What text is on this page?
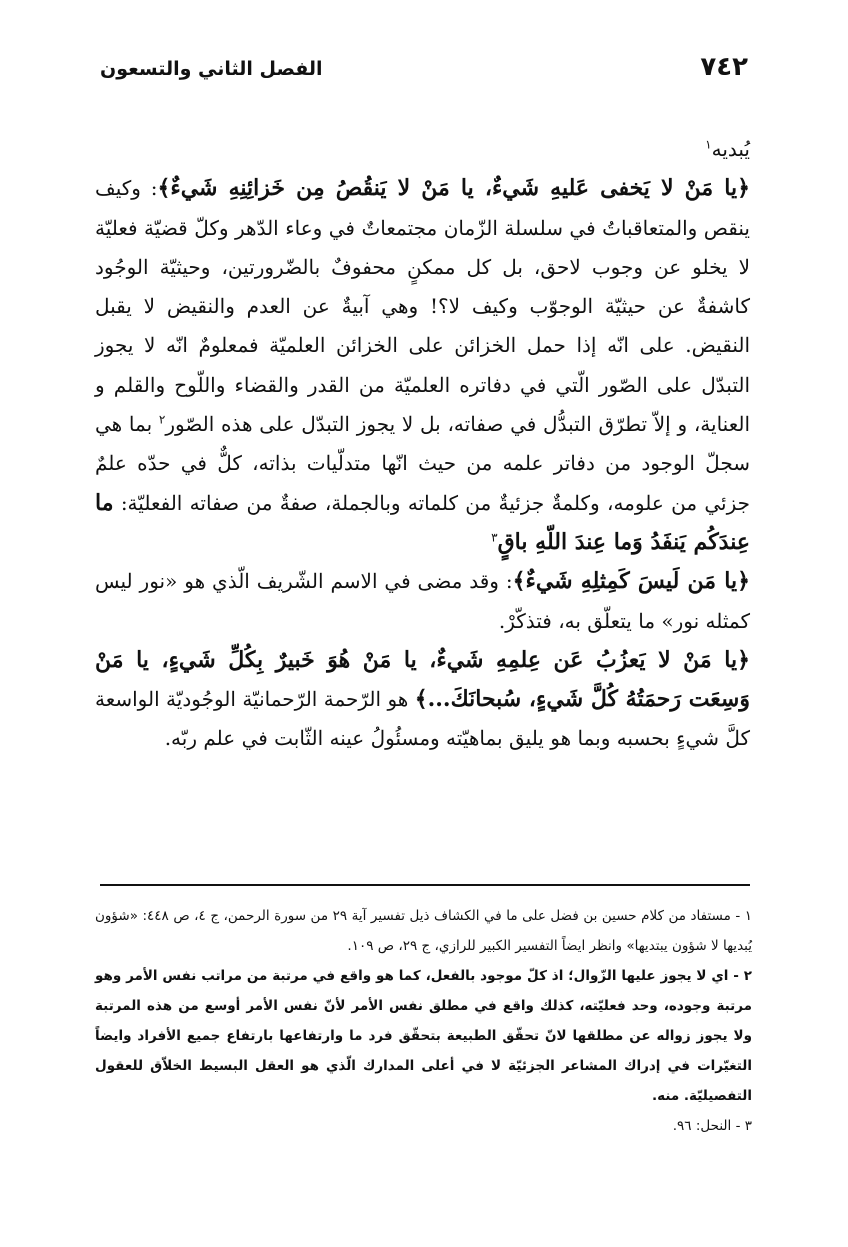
٧٤٢
الفصل الثاني والتسعون

يُبديه$^١$

﴿يا مَنْ لا يَخفى عَليهِ شَيءٌ، يا مَنْ لا يَنقُصُ مِن خَزائِنِهِ شَيءٌ﴾: وكيف ينقص والمتعاقباتُ في سلسلة الزّمان مجتمعاتٌ في وعاء الدّهر وكلّ قضيّة فعليّة لا يخلو عن وجوب لاحق، بل كل ممكنٍ محفوفٌ بالضّرورتين، وحيثيّة الوجُود كاشفةٌ عن حيثيّة الوجوّب وكيف لا؟! وهي آبيةٌ عن العدم والنقيض لا يقبل النقيض. على انّه إذا حمل الخزائن على الخزائن العلميّة فمعلومٌ انّه لا يجوز التبدّل على الصّور الّتي في دفاتره العلميّة من القدر والقضاء واللّوح والقلم و العناية، و إلاّ تطرّق التبدُّل في صفاته، بل لا يجوز التبدّل على هذه الصّور$^٢$ بما هي سجلّ الوجود من دفاتر علمه من حيث انّها متدلّيات بذاته، كلٌّ في حدّه علمٌ جزئي من علومه، وكلمةٌ جزئيةٌ من كلماته وبالجملة، صفةٌ من صفاته الفعليّة: ما عِندَكُم يَنفَدُ وَما عِندَ اللّهِ باقٍ$^٣$

﴿يا مَن لَيسَ كَمِثلِهِ شَيءٌ﴾: وقد مضى في الاسم الشّريف الّذي هو «نور ليس كمثله نور» ما يتعلّق به، فتذكّرْ.

﴿يا مَنْ لا يَعزُبُ عَن عِلمِهِ شَيءٌ، يا مَنْ هُوَ خَبيرٌ بِكُلِّ شَيءٍ، يا مَنْ وَسِعَت رَحمَتُهُ كُلَّ شَيءٍ، سُبحانَكَ...﴾ هو الرّحمة الرّحمانيّة الوجُوديّة الواسعة كلَّ شيءٍ بحسبه وبما هو يليق بماهيّته ومسئُولُ عينه الثّابت في علم ربّه.

١ - مستفاد من كلام حسين بن فضل على ما في الكشاف ذيل تفسير آية ٢٩ من سورة الرحمن، ج ٤، ص ٤٤٨: «شؤون يُبديها لا شؤون يبتديها» وانظر ايضاً التفسير الكبير للرازي، ج ٢٩، ص ١٠٩.

٢ - اي لا يجوز عليها الزّوال؛ اذ كلّ موجود بالفعل، كما هو واقع في مرتبة من مراتب نفس الأمر وهو مرتبة وجوده، وحد فعليّته، كذلك واقع في مطلق نفس الأمر لأنّ نفس الأمر أوسع من هذه المرتبة ولا يجوز زواله عن مطلقها لانّ تحقّق الطبيعة بتحقّق فرد ما وارتفاعها بارتفاع جميع الأفراد وايضاً التغيّرات في إدراك المشاعر الجزئيّة لا في أعلى المدارك الّذي هو العقل البسيط الخلاّق للعقول التفصيليّة. منه.

٣ - النحل: ٩٦.
